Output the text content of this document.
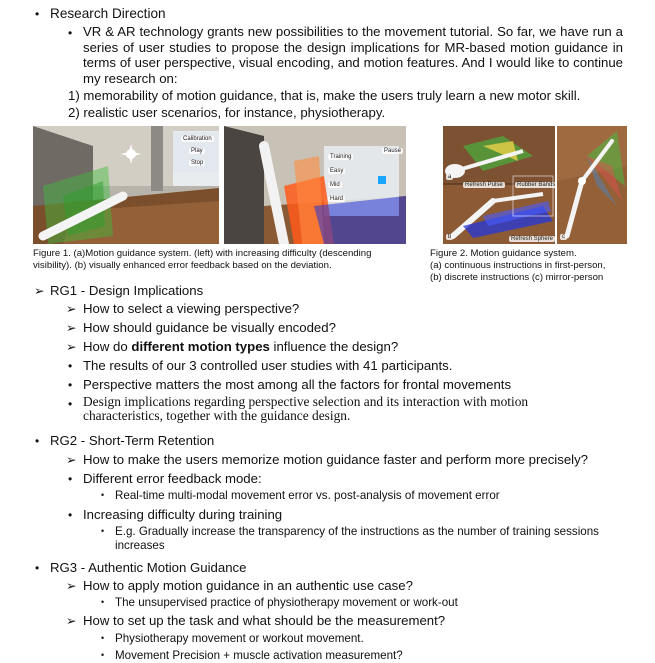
• Research Direction
• VR & AR technology grants new possibilities to the movement tutorial. So far, we have run a series of user studies to propose the design implications for MR-based motion guidance in terms of user perspective, visual encoding, and motion features. And I would like to continue my research on:
1) memorability of motion guidance, that is, make the users truly learn a new motor skill.
2) realistic user scenarios, for instance, physiotherapy.
Calibration
Play
Stop
Training
Easy
Mid
Hard
Pause
Figure 1. (a)Motion guidance system. (left) with increasing difficulty (descending
visibility). (b) visually enhanced error feedback based on the deviation.
Refresh Pulse	Rubber Bands
Refresh Sphere
a
b	c
Figure 2. Motion guidance system.
(a) continuous instructions in first-person,
(b) discrete instructions (c) mirror-person
➢ RG1 - Design Implications
➢ How to select a viewing perspective?
➢ How should guidance be visually encoded?
➢ How do different motion types influence the design?
• The results of our 3 controlled user studies with 41 participants.
• Perspective matters the most among all the factors for frontal movements
• Design implications regarding perspective selection and its interaction with motion characteristics, together with the guidance design.
• RG2 - Short-Term Retention
➢ How to make the users memorize motion guidance faster and perform more precisely?
• Different error feedback mode:
• Real-time multi-modal movement error vs. post-analysis of movement error
• Increasing difficulty during training
• E.g. Gradually increase the transparency of the instructions as the number of training sessions
increases
• RG3 - Authentic Motion Guidance
➢ How to apply motion guidance in an authentic use case?
• The unsupervised practice of physiotherapy movement or work-out
➢ How to set up the task and what should be the measurement?
• Physiotherapy movement or workout movement.
• Movement Precision + muscle activation measurement?
